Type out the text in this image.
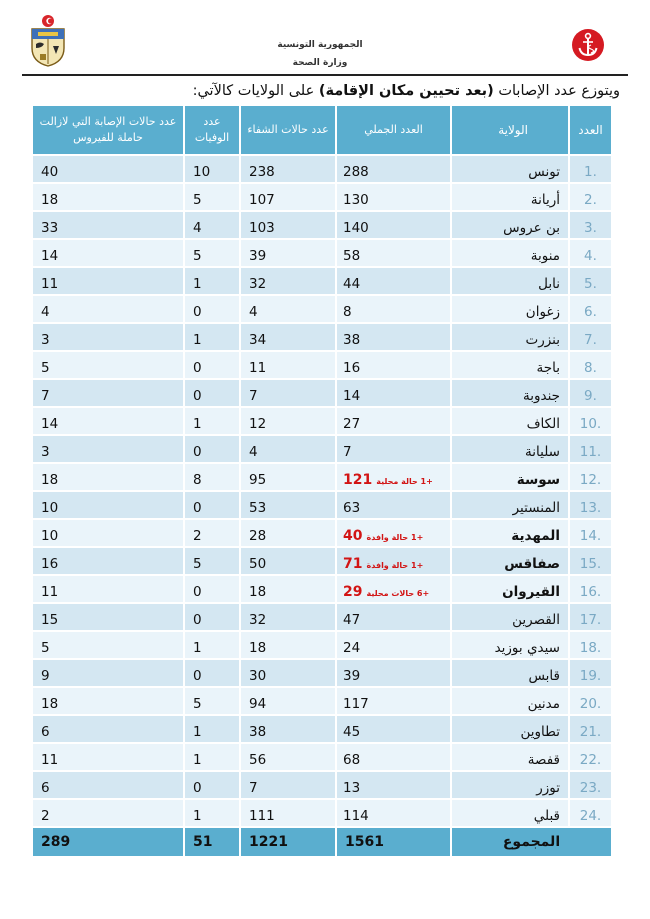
الجمهورية التونسية
وزارة الصحة
ويتوزع عدد الإصابات (بعد تحيين مكان الإقامة) على الولايات كالآتي:
العدد	الولاية	العدد الجملي	عدد حالات الشفاء	عدد الوفيات	عدد حالات الإصابة التي لازالت حاملة للفيروس
1.	تونس	288	238	10	40
2.	أريانة	130	107	5	18
3.	بن عروس	140	103	4	33
4.	منوبة	58	39	5	14
5.	نابل	44	32	1	11
6.	زغوان	8	4	0	4
7.	بنزرت	38	34	1	3
8.	باجة	16	11	0	5
9.	جندوبة	14	7	0	7
10.	الكاف	27	12	1	14
11.	سليانة	7	4	0	3
12.	سوسة	121 +1 حالة محلية	95	8	18
13.	المنستير	63	53	0	10
14.	المهدية	40 +1 حالة وافدة	28	2	10
15.	صفاقس	71 +1 حالة وافدة	50	5	16
16.	القيروان	29 +6 حالات محلية	18	0	11
17.	القصرين	47	32	0	15
18.	سيدي بوزيد	24	18	1	5
19.	قابس	39	30	0	9
20.	مدنين	117	94	5	18
21.	تطاوين	45	38	1	6
22.	قفصة	68	56	1	11
23.	توزر	13	7	0	6
24.	قبلي	114	111	1	2
المجموع		1561	1221	51	289
